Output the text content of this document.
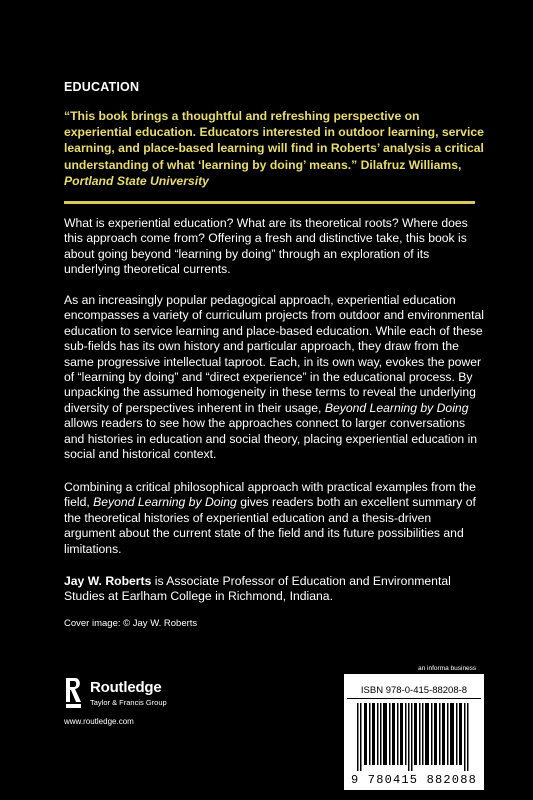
EDUCATION
“This book brings a thoughtful and refreshing perspective on experiential education. Educators interested in outdoor learning, service learning, and place-based learning will find in Roberts’ analysis a critical understanding of what ‘learning by doing’ means.” Dilafruz Williams, Portland State University

What is experiential education? What are its theoretical roots? Where does this approach come from? Offering a fresh and distinctive take, this book is about going beyond “learning by doing” through an exploration of its underlying theoretical currents.

As an increasingly popular pedagogical approach, experiential education encompasses a variety of curriculum projects from outdoor and environmental education to service learning and place-based education. While each of these sub-fields has its own history and particular approach, they draw from the same progressive intellectual taproot. Each, in its own way, evokes the power of “learning by doing” and “direct experience” in the educational process. By unpacking the assumed homogeneity in these terms to reveal the underlying diversity of perspectives inherent in their usage, Beyond Learning by Doing allows readers to see how the approaches connect to larger conversations and histories in education and social theory, placing experiential education in social and historical context.

Combining a critical philosophical approach with practical examples from the field, Beyond Learning by Doing gives readers both an excellent summary of the theoretical histories of experiential education and a thesis-driven argument about the current state of the field and its future possibilities and limitations.

Jay W. Roberts is Associate Professor of Education and Environmental Studies at Earlham College in Richmond, Indiana.

Cover image: © Jay W. Roberts
Routledge
Taylor & Francis Group
www.routledge.com
an informa business
ISBN 978-0-415-88208-8
9 780415 882088
